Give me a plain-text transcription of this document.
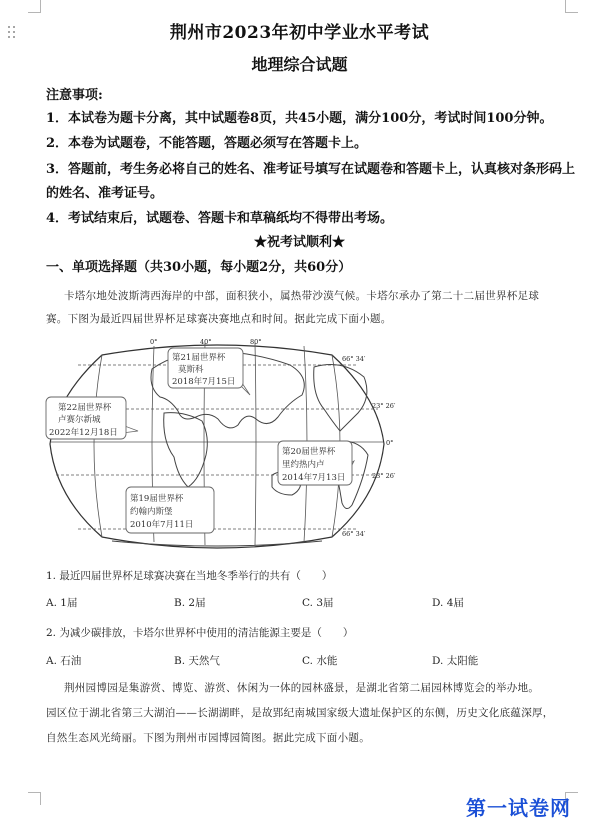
荆州市2023年初中学业水平考试
地理综合试题
注意事项:
1．本试卷为题卡分离，其中试题卷8页，共45小题，满分100分，考试时间100分钟。
2．本卷为试题卷，不能答题，答题必须写在答题卡上。
3．答题前，考生务必将自己的姓名、准考证号填写在试题卷和答题卡上，认真核对条形码上
的姓名、准考证号。
4．考试结束后，试题卷、答题卡和草稿纸均不得带出考场。
★祝考试顺利★
一、单项选择题（共30小题，每小题2分，共60分）
卡塔尔地处波斯湾西海岸的中部，面积狭小，属热带沙漠气候。卡塔尔承办了第二十二届世界杯足球
赛。下图为最近四届世界杯足球赛决赛地点和时间。据此完成下面小题。
0°	40°	80°
66° 34′
23° 26′
0°
23° 26′
66° 34′
第21届世界杯
莫斯科
2018年7月15日
第22届世界杯
卢赛尔新城
2022年12月18日
第20届世界杯
里约热内卢
2014年7月13日
第19届世界杯
约翰内斯堡
2010年7月11日
1. 最近四届世界杯足球赛决赛在当地冬季举行的共有（　　）
A. 1届	B. 2届	C. 3届	D. 4届
2. 为减少碳排放，卡塔尔世界杯中使用的清洁能源主要是（　　）
A. 石油	B. 天然气	C. 水能	D. 太阳能
荆州园博园是集游赏、博览、游赏、休闲为一体的园林盛景，是湖北省第二届园林博览会的举办地。
园区位于湖北省第三大湖泊——长湖湖畔，是故郢纪南城国家级大遗址保护区的东侧，历史文化底蕴深厚，
自然生态风光绮丽。下图为荆州市园博园简图。据此完成下面小题。
第一试卷网
